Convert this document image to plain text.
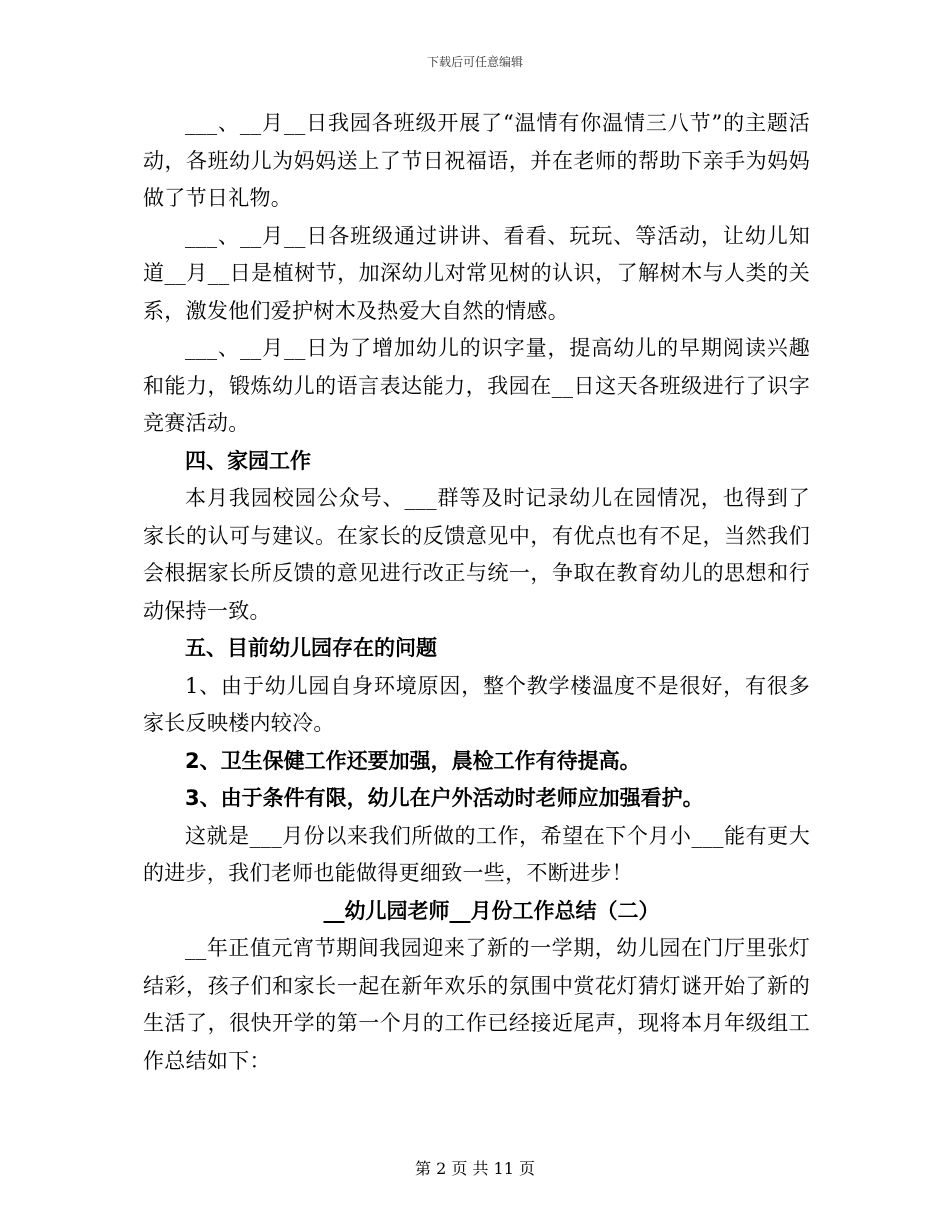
下载后可任意编辑

___、__月__日我园各班级开展了“温情有你温情三八节”的主题活动，各班幼儿为妈妈送上了节日祝福语，并在老师的帮助下亲手为妈妈做了节日礼物。

___、__月__日各班级通过讲讲、看看、玩玩、等活动，让幼儿知道__月__日是植树节，加深幼儿对常见树的认识，了解树木与人类的关系，激发他们爱护树木及热爱大自然的情感。

___、__月__日为了增加幼儿的识字量，提高幼儿的早期阅读兴趣和能力，锻炼幼儿的语言表达能力，我园在__日这天各班级进行了识字竞赛活动。

四、家园工作

本月我园校园公众号、___群等及时记录幼儿在园情况，也得到了家长的认可与建议。在家长的反馈意见中，有优点也有不足，当然我们会根据家长所反馈的意见进行改正与统一，争取在教育幼儿的思想和行动保持一致。

五、目前幼儿园存在的问题

1、由于幼儿园自身环境原因，整个教学楼温度不是很好，有很多家长反映楼内较冷。

2、卫生保健工作还要加强，晨检工作有待提高。

3、由于条件有限，幼儿在户外活动时老师应加强看护。

这就是___月份以来我们所做的工作，希望在下个月小___能有更大的进步，我们老师也能做得更细致一些，不断进步！

__幼儿园老师__月份工作总结（二）

__年正值元宵节期间我园迎来了新的一学期，幼儿园在门厅里张灯结彩，孩子们和家长一起在新年欢乐的氛围中赏花灯猜灯谜开始了新的生活了，很快开学的第一个月的工作已经接近尾声，现将本月年级组工作总结如下：

第 2 页 共 11 页
